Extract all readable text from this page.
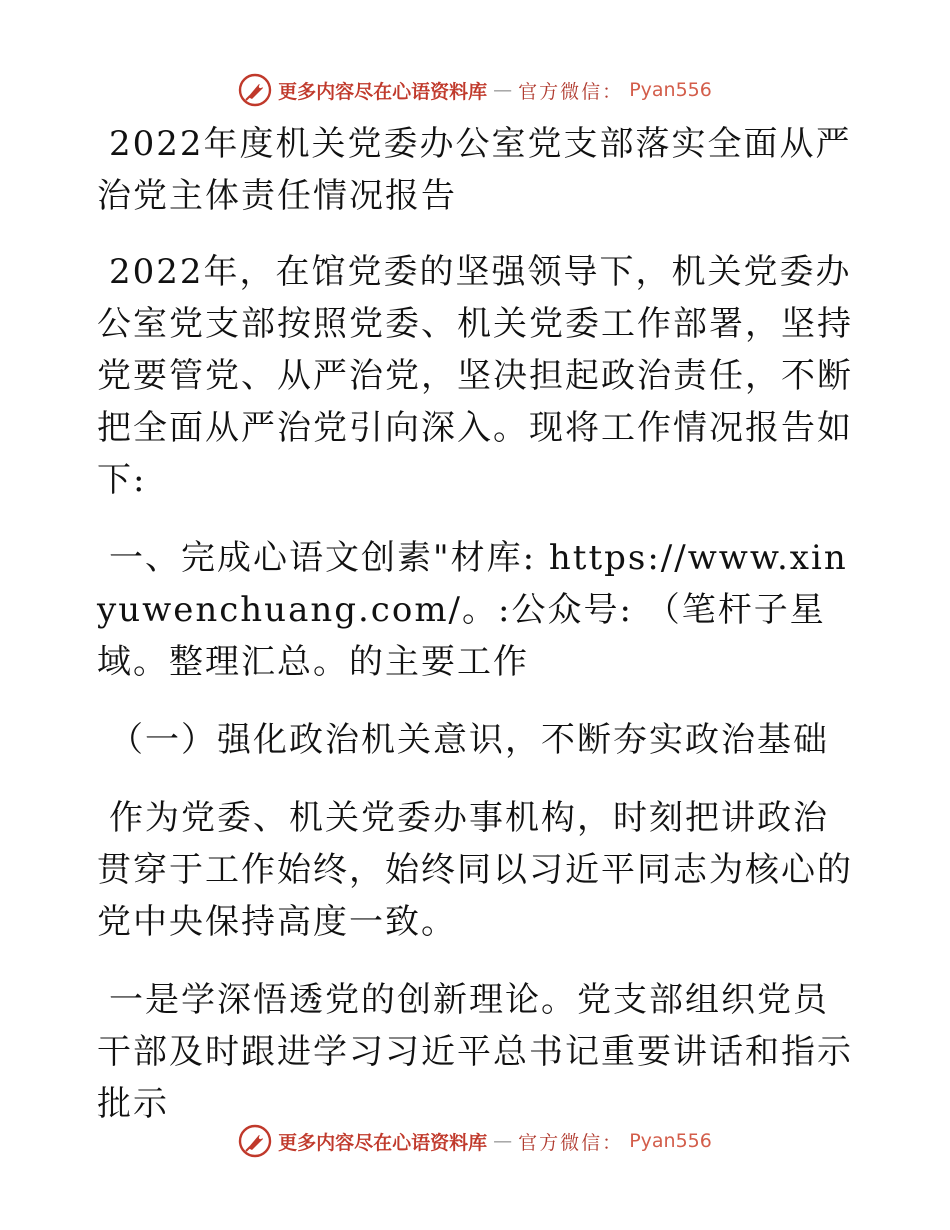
更多内容尽在心语资料库 — 官方微信： Pyan556

2022年度机关党委办公室党支部落实全面从严治党主体责任情况报告

2022年，在馆党委的坚强领导下，机关党委办公室党支部按照党委、机关党委工作部署，坚持党要管党、从严治党，坚决担起政治责任，不断把全面从严治党引向深入。现将工作情况报告如下:

一、完成心语文创素"材库: https://www.xinyuwenchuang.com/。:公众号: （笔杆子星域。整理汇总。的主要工作

（一）强化政治机关意识，不断夯实政治基础

作为党委、机关党委办事机构，时刻把讲政治贯穿于工作始终，始终同以习近平同志为核心的党中央保持高度一致。

一是学深悟透党的创新理论。党支部组织党员干部及时跟进学习习近平总书记重要讲话和指示批示

更多内容尽在心语资料库 — 官方微信： Pyan556
